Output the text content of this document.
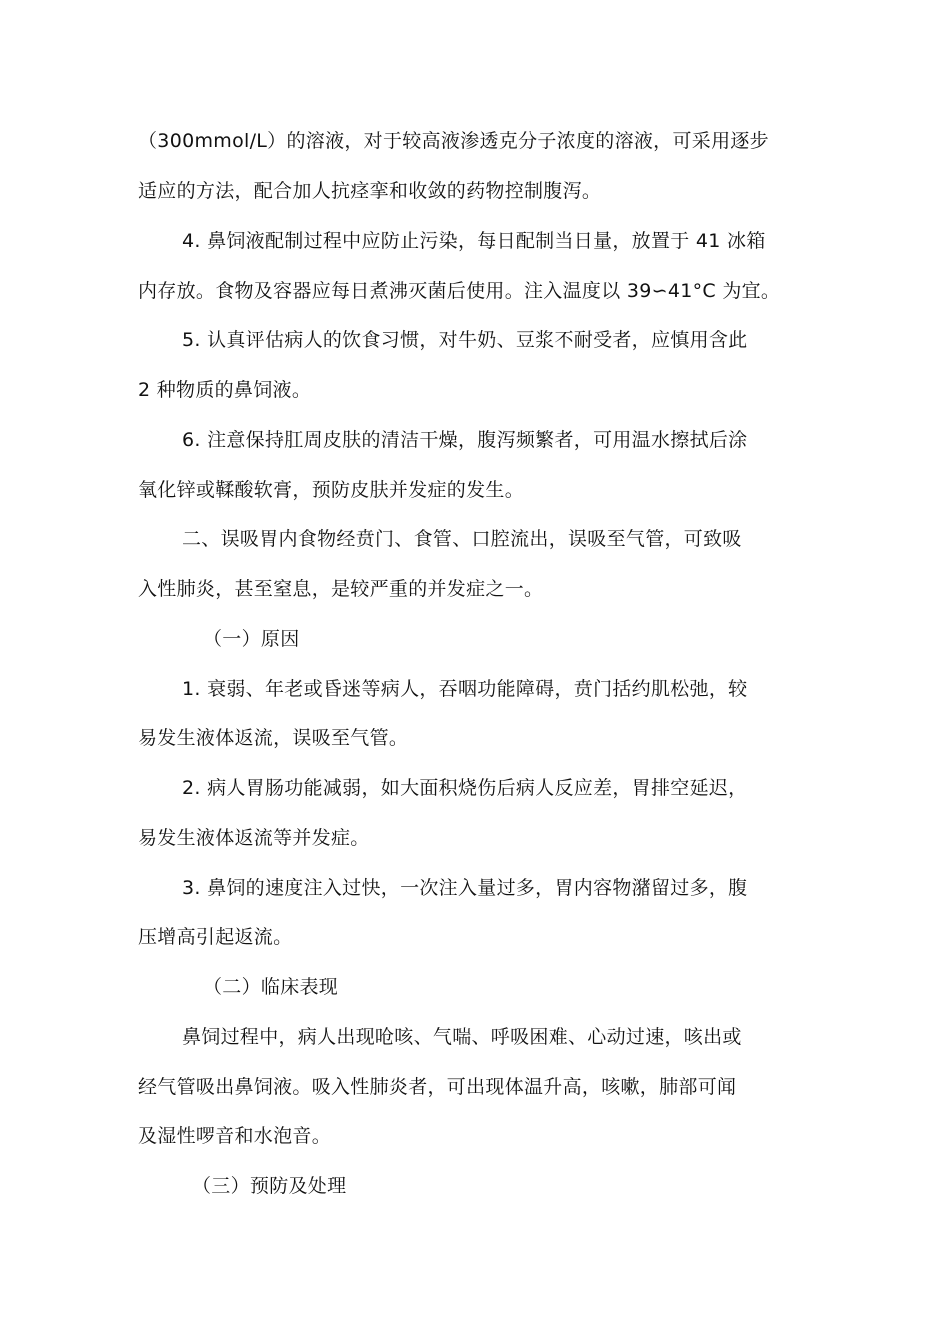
（300mmol/L）的溶液，对于较高液渗透克分子浓度的溶液，可采用逐步
适应的方法，配合加人抗痉挛和收敛的药物控制腹泻。
4. 鼻饲液配制过程中应防止污染，每日配制当日量，放置于 41 冰箱
内存放。食物及容器应每日煮沸灭菌后使用。注入温度以 39∽41°C 为宜。
5. 认真评估病人的饮食习惯，对牛奶、豆浆不耐受者，应慎用含此
2 种物质的鼻饲液。
6. 注意保持肛周皮肤的清洁干燥，腹泻频繁者，可用温水擦拭后涂
氧化锌或鞣酸软膏，预防皮肤并发症的发生。
二、误吸胃内食物经贲门、食管、口腔流出，误吸至气管，可致吸
入性肺炎，甚至窒息，是较严重的并发症之一。
（一）原因
1. 衰弱、年老或昏迷等病人，吞咽功能障碍，贲门括约肌松弛，较
易发生液体返流，误吸至气管。
2. 病人胃肠功能减弱，如大面积烧伤后病人反应差，胃排空延迟，
易发生液体返流等并发症。
3. 鼻饲的速度注入过快，一次注入量过多，胃内容物潴留过多，腹
压增高引起返流。
（二）临床表现
鼻饲过程中，病人出现呛咳、气喘、呼吸困难、心动过速，咳出或
经气管吸出鼻饲液。吸入性肺炎者，可出现体温升高，咳嗽，肺部可闻
及湿性啰音和水泡音。
（三）预防及处理
